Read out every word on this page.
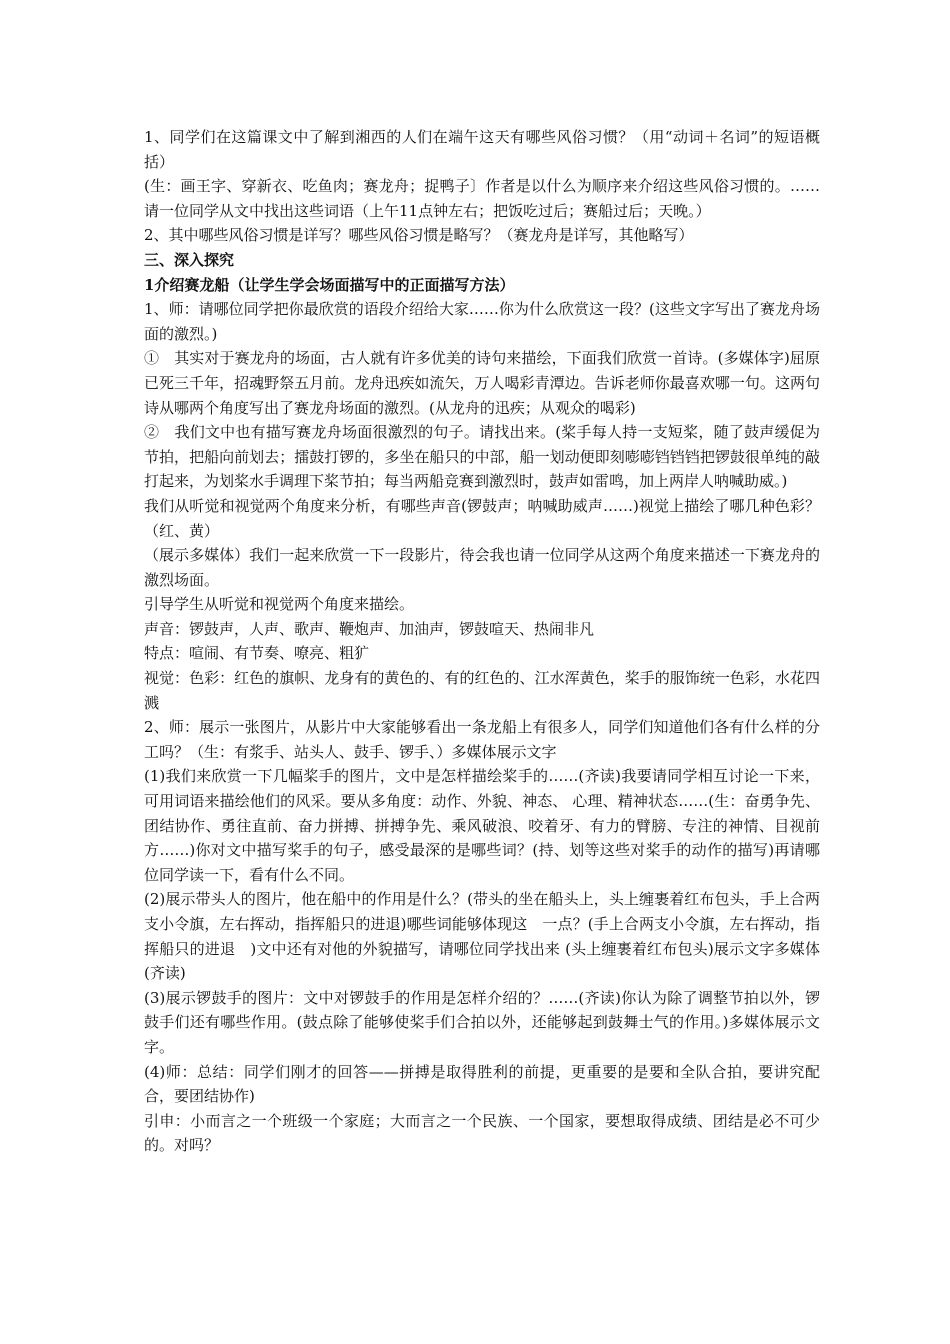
1、同学们在这篇课文中了解到湘西的人们在端午这天有哪些风俗习惯？（用“动词＋名词”的短语概括）

(生：画王字、穿新衣、吃鱼肉；赛龙舟；捉鸭子〕作者是以什么为顺序来介绍这些风俗习惯的。……请一位同学从文中找出这些词语（上午11点钟左右；把饭吃过后；赛船过后；天晚。）

2、其中哪些风俗习惯是详写？哪些风俗习惯是略写？（赛龙舟是详写，其他略写）

三、深入探究

1介绍赛龙船（让学生学会场面描写中的正面描写方法）

1、师：请哪位同学把你最欣赏的语段介绍给大家……你为什么欣赏这一段？(这些文字写出了赛龙舟场面的激烈。)

①　其实对于赛龙舟的场面，古人就有许多优美的诗句来描绘，下面我们欣赏一首诗。(多媒体字)屈原已死三千年，招魂野祭五月前。龙舟迅疾如流矢，万人喝彩青潭边。告诉老师你最喜欢哪一句。这两句诗从哪两个角度写出了赛龙舟场面的激烈。(从龙舟的迅疾；从观众的喝彩)

②　我们文中也有描写赛龙舟场面很激烈的句子。请找出来。(桨手每人持一支短桨，随了鼓声缓促为节拍，把船向前划去；擂鼓打锣的，多坐在船只的中部，船一划动便即刻嘭嘭铛铛铛把锣鼓很单纯的敲打起来，为划桨水手调理下桨节拍；每当两船竞赛到激烈时，鼓声如雷鸣，加上两岸人呐喊助威。)

我们从听觉和视觉两个角度来分析，有哪些声音(锣鼓声；呐喊助威声……)视觉上描绘了哪几种色彩？（红、黄）

（展示多媒体）我们一起来欣赏一下一段影片，待会我也请一位同学从这两个角度来描述一下赛龙舟的激烈场面。

引导学生从听觉和视觉两个角度来描绘。

声音：锣鼓声，人声、歌声、鞭炮声、加油声，锣鼓喧天、热闹非凡

特点：喧闹、有节奏、嘹亮、粗犷

视觉：色彩：红色的旗帜、龙身有的黄色的、有的红色的、江水浑黄色，桨手的服饰统一色彩，水花四溅

2、师：展示一张图片，从影片中大家能够看出一条龙船上有很多人，同学们知道他们各有什么样的分工吗？（生：有浆手、站头人、鼓手、锣手、）多媒体展示文字

(1)我们来欣赏一下几幅桨手的图片，文中是怎样描绘桨手的……(齐读)我要请同学相互讨论一下来，可用词语来描绘他们的风采。要从多角度：动作、外貌、神态、 心理、精神状态……(生：奋勇争先、团结协作、勇往直前、奋力拼搏、拼搏争先、乘风破浪、咬着牙、有力的臂膀、专注的神情、目视前方……)你对文中描写桨手的句子，感受最深的是哪些词？(持、划等这些对桨手的动作的描写)再请哪位同学读一下，看有什么不同。

(2)展示带头人的图片，他在船中的作用是什么？(带头的坐在船头上，头上缠裹着红布包头，手上合两支小令旗，左右挥动，指挥船只的进退)哪些词能够体现这　一点？(手上合两支小令旗，左右挥动，指挥船只的进退　)文中还有对他的外貌描写，请哪位同学找出来 (头上缠裹着红布包头)展示文字多媒体(齐读)

(3)展示锣鼓手的图片：文中对锣鼓手的作用是怎样介绍的？……(齐读)你认为除了调整节拍以外，锣鼓手们还有哪些作用。(鼓点除了能够使桨手们合拍以外，还能够起到鼓舞士气的作用。)多媒体展示文字。

(4)师：总结：同学们刚才的回答——拼搏是取得胜利的前提，更重要的是要和全队合拍，要讲究配合，要团结协作)

引申：小而言之一个班级一个家庭；大而言之一个民族、一个国家，要想取得成绩、团结是必不可少的。对吗？
